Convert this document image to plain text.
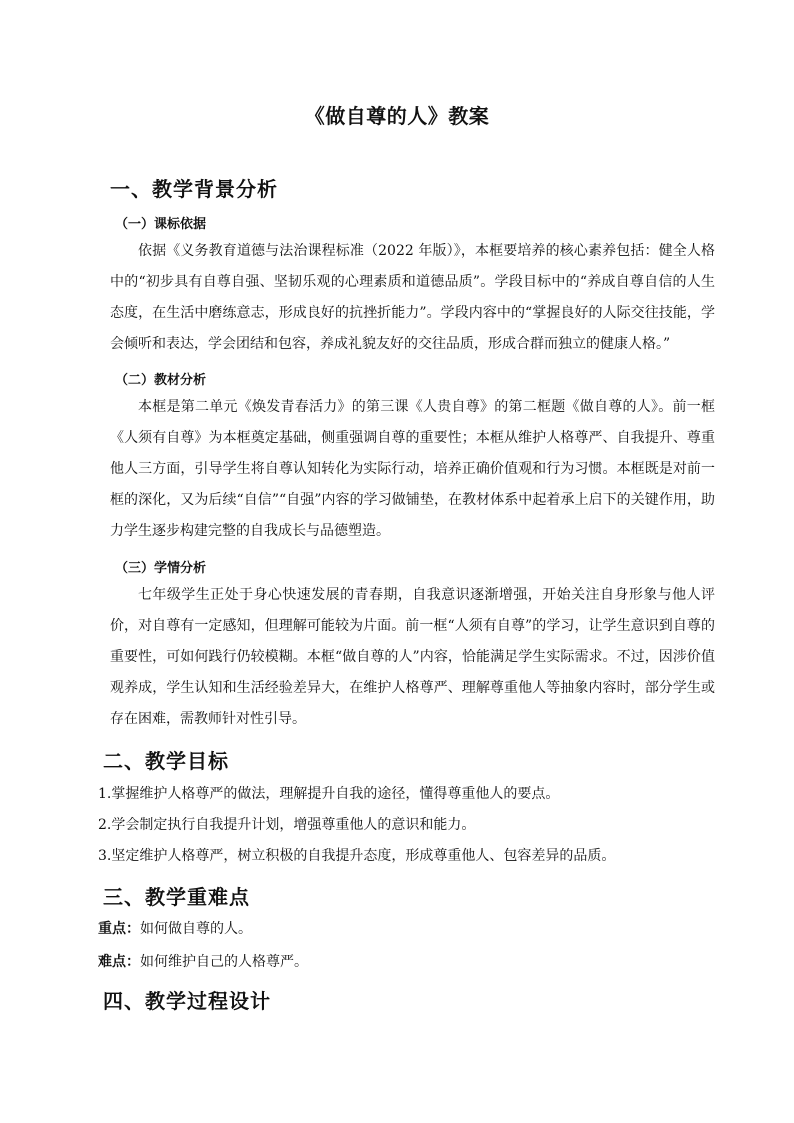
《做自尊的人》教案
一、教学背景分析
（一）课标依据

依据《义务教育道德与法治课程标准（2022 年版）》，本框要培养的核心素养包括：健全人格中的“初步具有自尊自强、坚韧乐观的心理素质和道德品质”。学段目标中的“养成自尊自信的人生态度，在生活中磨练意志，形成良好的抗挫折能力”。学段内容中的“掌握良好的人际交往技能，学会倾听和表达，学会团结和包容，养成礼貌友好的交往品质，形成合群而独立的健康人格。”

（二）教材分析

本框是第二单元《焕发青春活力》的第三课《人贵自尊》的第二框题《做自尊的人》。前一框《人须有自尊》为本框奠定基础，侧重强调自尊的重要性；本框从维护人格尊严、自我提升、尊重他人三方面，引导学生将自尊认知转化为实际行动，培养正确价值观和行为习惯。本框既是对前一框的深化，又为后续“自信”“自强”内容的学习做铺垫，在教材体系中起着承上启下的关键作用，助力学生逐步构建完整的自我成长与品德塑造。

（三）学情分析

七年级学生正处于身心快速发展的青春期，自我意识逐渐增强，开始关注自身形象与他人评价，对自尊有一定感知，但理解可能较为片面。前一框“人须有自尊”的学习，让学生意识到自尊的重要性，可如何践行仍较模糊。本框“做自尊的人”内容，恰能满足学生实际需求。不过，因涉价值观养成，学生认知和生活经验差异大，在维护人格尊严、理解尊重他人等抽象内容时，部分学生或存在困难，需教师针对性引导。

二、教学目标
1.掌握维护人格尊严的做法，理解提升自我的途径，懂得尊重他人的要点。
2.学会制定执行自我提升计划，增强尊重他人的意识和能力。
3.坚定维护人格尊严，树立积极的自我提升态度，形成尊重他人、包容差异的品质。
三、教学重难点
重点：如何做自尊的人。
难点：如何维护自己的人格尊严。
四、教学过程设计
